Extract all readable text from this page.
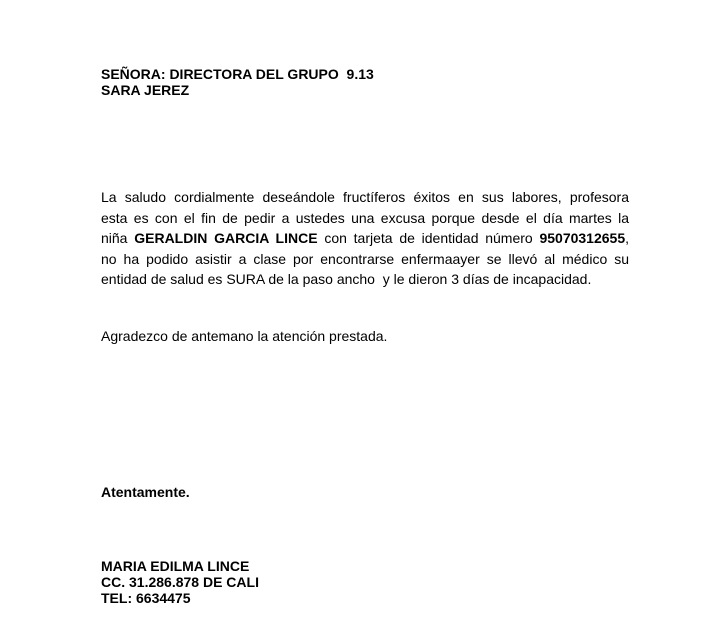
SEÑORA: DIRECTORA DEL GRUPO  9.13
SARA JEREZ
La saludo cordialmente deseándole fructíferos éxitos en sus labores, profesora
esta es con el fin de pedir a ustedes una excusa porque desde el día martes la
niña GERALDIN GARCIA LINCE con tarjeta de identidad número 95070312655,
no ha podido asistir a clase por encontrarse enfermaayer se llevó al médico su
entidad de salud es SURA de la paso ancho  y le dieron 3 días de incapacidad.
Agradezco de antemano la atención prestada.
Atentamente.
MARIA EDILMA LINCE
CC. 31.286.878 DE CALI
TEL: 6634475
